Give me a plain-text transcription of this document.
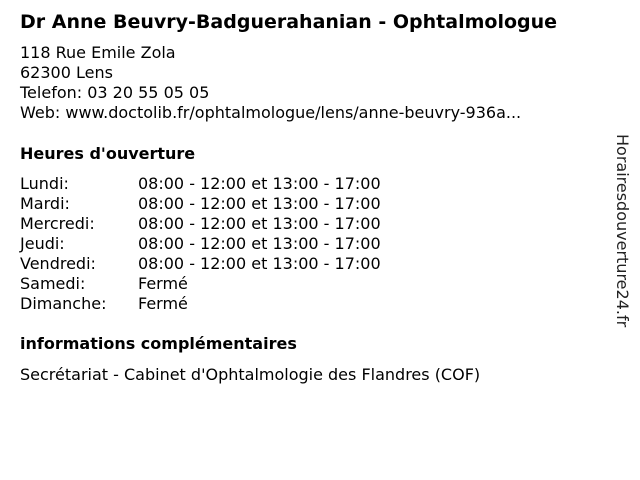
Dr Anne Beuvry-Badguerahanian - Ophtalmologue
118 Rue Emile Zola
62300 Lens
Telefon: 03 20 55 05 05
Web: www.doctolib.fr/ophtalmologue/lens/anne-beuvry-936a...
Heures d'ouverture
Lundi:	08:00 - 12:00 et 13:00 - 17:00
Mardi:	08:00 - 12:00 et 13:00 - 17:00
Mercredi:	08:00 - 12:00 et 13:00 - 17:00
Jeudi:	08:00 - 12:00 et 13:00 - 17:00
Vendredi:	08:00 - 12:00 et 13:00 - 17:00
Samedi:	Fermé
Dimanche: Fermé
informations complémentaires
Secrétariat - Cabinet d'Ophtalmologie des Flandres (COF)
Horairesdouverture24.fr
